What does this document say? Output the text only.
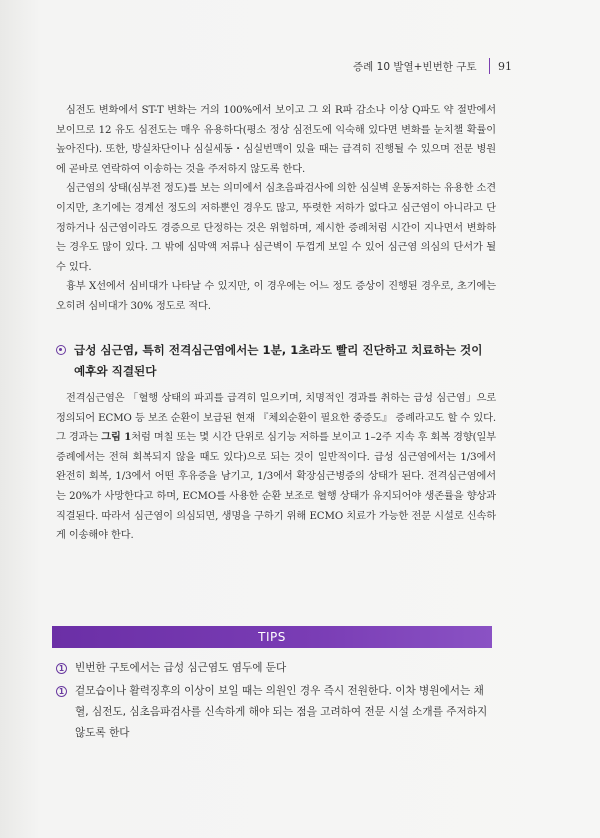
증례 10 발열+빈번한 구토 91

심전도 변화에서 ST-T 변화는 거의 100%에서 보이고 그 외 R파 감소나 이상 Q파도 약 절반에서 보이므로 12 유도 심전도는 매우 유용하다(평소 정상 심전도에 익숙해 있다면 변화를 눈치챌 확률이 높아진다). 또한, 방실차단이나 심실세동・심실번맥이 있을 때는 급격히 진행될 수 있으며 전문 병원에 곧바로 연락하여 이송하는 것을 주저하지 않도록 한다.

심근염의 상태(심부전 정도)를 보는 의미에서 심초음파검사에 의한 심실벽 운동저하는 유용한 소견이지만, 초기에는 경계선 정도의 저하뿐인 경우도 많고, 뚜렷한 저하가 없다고 심근염이 아니라고 단정하거나 심근염이라도 경증으로 단정하는 것은 위험하며, 제시한 증례처럼 시간이 지나면서 변화하는 경우도 많이 있다. 그 밖에 심막액 저류나 심근벽이 두껍게 보일 수 있어 심근염 의심의 단서가 될 수 있다.

흉부 X선에서 심비대가 나타날 수 있지만, 이 경우에는 어느 정도 증상이 진행된 경우로, 초기에는 오히려 심비대가 30% 정도로 적다.

급성 심근염, 특히 전격심근염에서는 1분, 1초라도 빨리 진단하고 치료하는 것이 예후와 직결된다

전격심근염은 「혈행 상태의 파괴를 급격히 일으키며, 치명적인 경과를 취하는 급성 심근염」으로 정의되어 ECMO 등 보조 순환이 보급된 현재 『체외순환이 필요한 중증도』 증례라고도 할 수 있다. 그 경과는 그림 1처럼 며칠 또는 몇 시간 단위로 심기능 저하를 보이고 1–2주 지속 후 회복 경향(일부 증례에서는 전혀 회복되지 않을 때도 있다)으로 되는 것이 일반적이다. 급성 심근염에서는 1/3에서 완전히 회복, 1/3에서 어떤 후유증을 남기고, 1/3에서 확장심근병증의 상태가 된다. 전격심근염에서는 20%가 사망한다고 하며, ECMO를 사용한 순환 보조로 혈행 상태가 유지되어야 생존률을 향상과 직결된다. 따라서 심근염이 의심되면, 생명을 구하기 위해 ECMO 치료가 가능한 전문 시설로 신속하게 이송해야 한다.

TIPS
1 빈번한 구토에서는 급성 심근염도 염두에 둔다
1 겉모습이나 활력징후의 이상이 보일 때는 의원인 경우 즉시 전원한다. 이차 병원에서는 채혈, 심전도, 심초음파검사를 신속하게 해야 되는 점을 고려하여 전문 시설 소개를 주저하지 않도록 한다
